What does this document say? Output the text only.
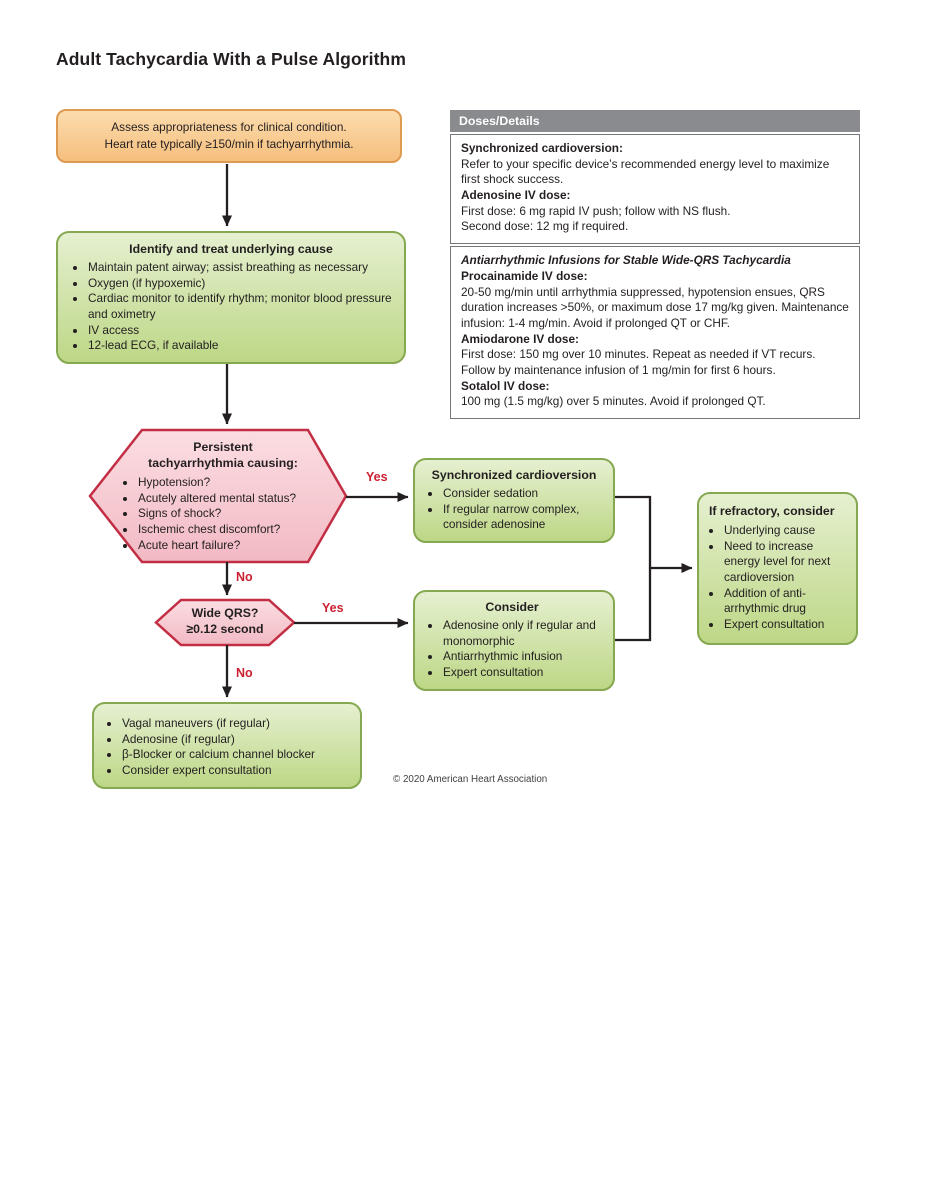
Adult Tachycardia With a Pulse Algorithm
Assess appropriateness for clinical condition.
Heart rate typically ≥150/min if tachyarrhythmia.
Identify and treat underlying cause
• Maintain patent airway; assist breathing as necessary
• Oxygen (if hypoxemic)
• Cardiac monitor to identify rhythm; monitor blood pressure and oximetry
• IV access
• 12-lead ECG, if available
Doses/Details
Synchronized cardioversion:
Refer to your specific device’s recommended energy level to maximize first shock success.
Adenosine IV dose:
First dose: 6 mg rapid IV push; follow with NS flush.
Second dose: 12 mg if required.
Antiarrhythmic Infusions for Stable Wide-QRS Tachycardia
Procainamide IV dose:
20-50 mg/min until arrhythmia suppressed, hypotension ensues, QRS duration increases >50%, or maximum dose 17 mg/kg given. Maintenance infusion: 1-4 mg/min. Avoid if prolonged QT or CHF.
Amiodarone IV dose:
First dose: 150 mg over 10 minutes. Repeat as needed if VT recurs. Follow by maintenance infusion of 1 mg/min for first 6 hours.
Sotalol IV dose:
100 mg (1.5 mg/kg) over 5 minutes. Avoid if prolonged QT.
Persistent
tachyarrhythmia causing:
• Hypotension?
• Acutely altered mental status?
• Signs of shock?
• Ischemic chest discomfort?
• Acute heart failure?
Wide QRS?
≥0.12 second
Yes
No
Yes
No
Synchronized cardioversion
• Consider sedation
• If regular narrow complex, consider adenosine
If refractory, consider
• Underlying cause
• Need to increase energy level for next cardioversion
• Addition of anti-arrhythmic drug
• Expert consultation
Consider
• Adenosine only if regular and monomorphic
• Antiarrhythmic infusion
• Expert consultation
• Vagal maneuvers (if regular)
• Adenosine (if regular)
• β-Blocker or calcium channel blocker
• Consider expert consultation
© 2020 American Heart Association
